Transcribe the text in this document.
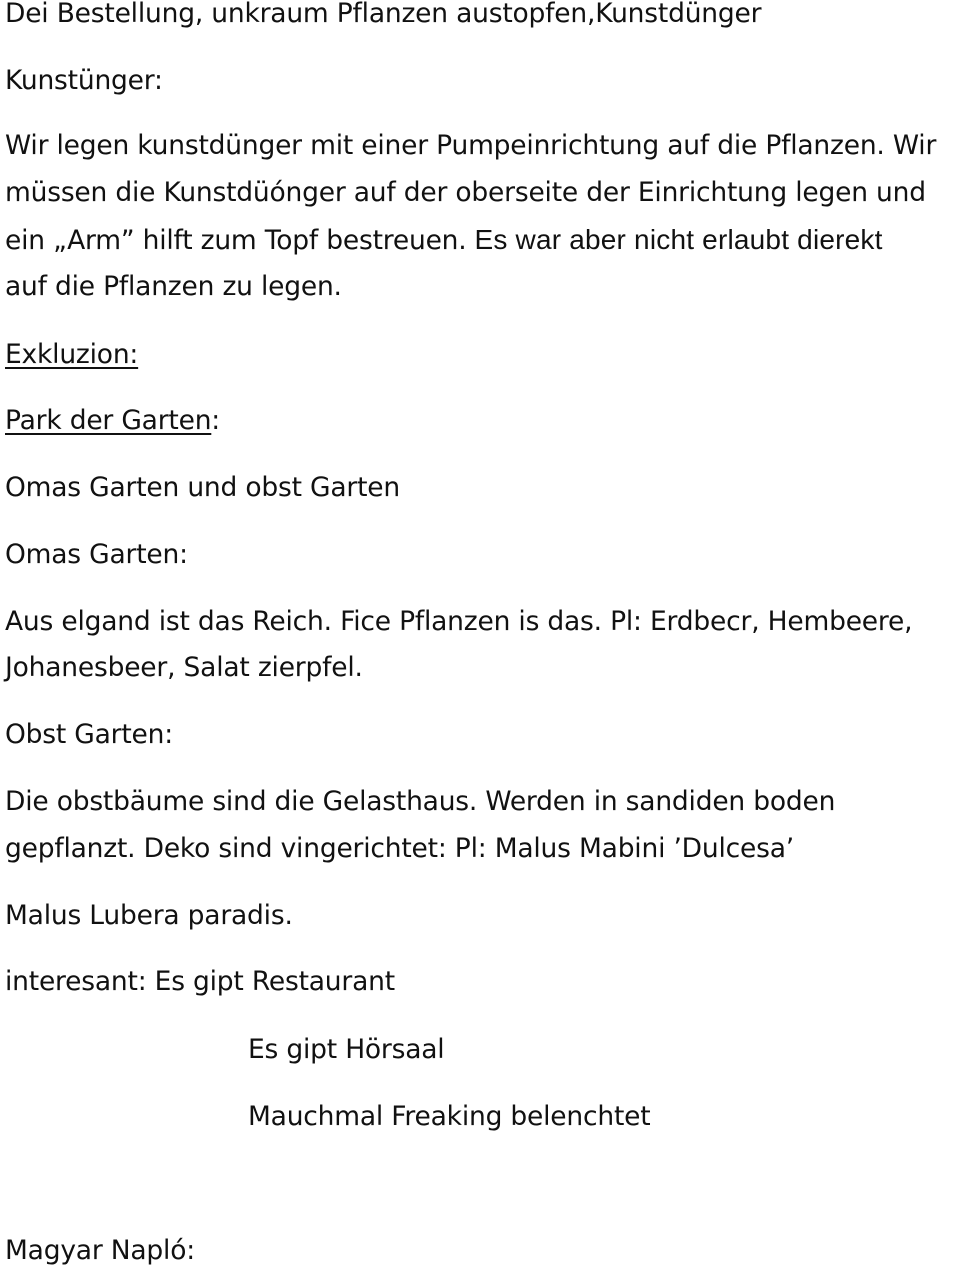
Dei Bestellung, unkraum Pflanzen austopfen,Kunstdünger

Kunstünger:

Wir legen kunstdünger mit einer Pumpeinrichtung auf die Pflanzen. Wir

müssen die Kunstdüónger auf der oberseite der Einrichtung legen und

ein „Arm” hilft zum Topf bestreuen. Es war aber nicht erlaubt dierekt

auf die Pflanzen zu legen.

Exkluzion:

Park der Garten:

Omas Garten und obst Garten

Omas Garten:

Aus elgand ist das Reich. Fice Pflanzen is das. Pl: Erdbecr, Hembeere,

Johanesbeer, Salat zierpfel.

Obst Garten:

Die obstbäume sind die Gelasthaus. Werden in sandiden boden

gepflanzt. Deko sind vingerichtet: Pl: Malus Mabini ’Dulcesa’

Malus Lubera paradis.

interesant: Es gipt Restaurant

Es gipt Hörsaal

Mauchmal Freaking belenchtet

Magyar Napló:
